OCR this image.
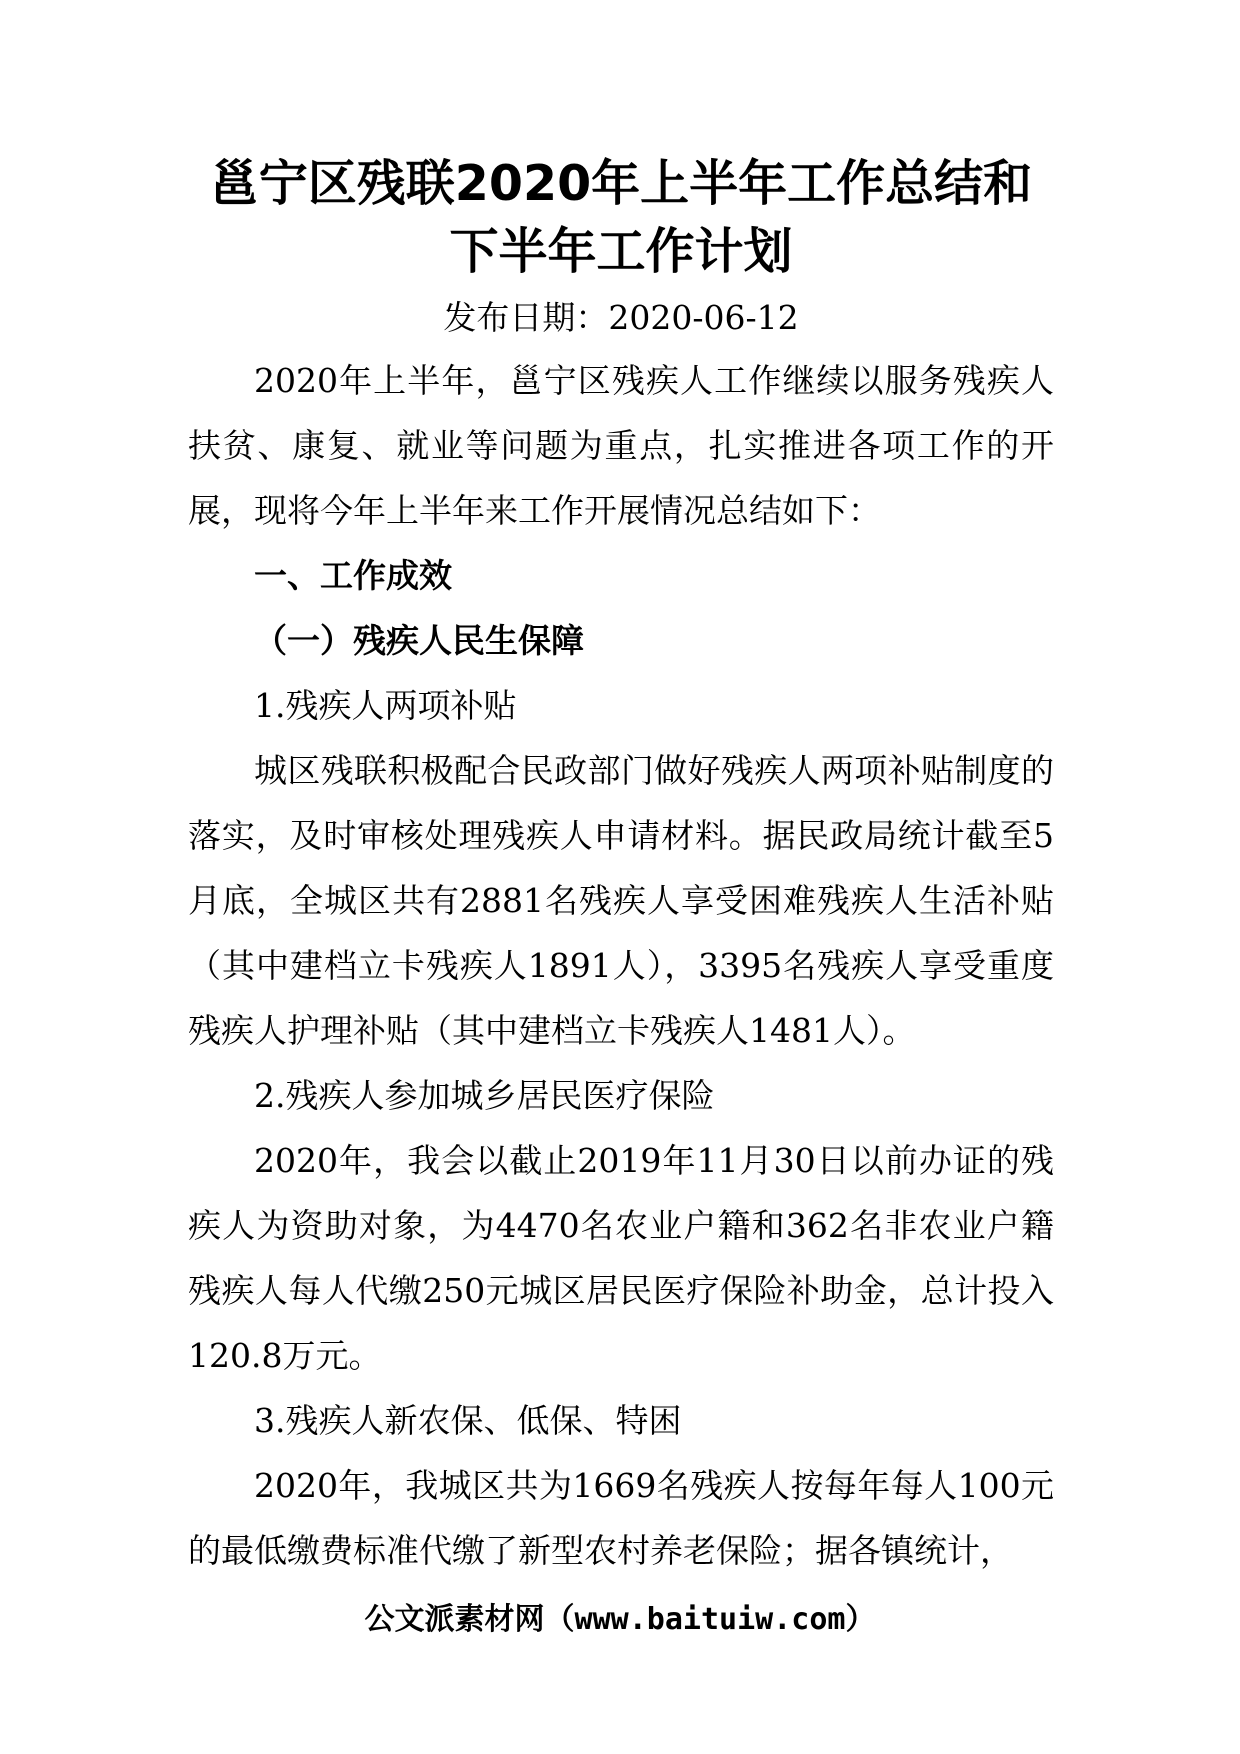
邕宁区残联2020年上半年工作总结和下半年工作计划
发布日期：2020-06-12

2020年上半年，邕宁区残疾人工作继续以服务残疾人扶贫、康复、就业等问题为重点，扎实推进各项工作的开展，现将今年上半年来工作开展情况总结如下：

一、工作成效
（一）残疾人民生保障

1.残疾人两项补贴

城区残联积极配合民政部门做好残疾人两项补贴制度的落实，及时审核处理残疾人申请材料。据民政局统计截至5月底，全城区共有2881名残疾人享受困难残疾人生活补贴（其中建档立卡残疾人1891人），3395名残疾人享受重度残疾人护理补贴（其中建档立卡残疾人1481人）。

2.残疾人参加城乡居民医疗保险

2020年，我会以截止2019年11月30日以前办证的残疾人为资助对象，为4470名农业户籍和362名非农业户籍残疾人每人代缴250元城区居民医疗保险补助金，总计投入120.8万元。

3.残疾人新农保、低保、特困

2020年，我城区共为1669名残疾人按每年每人100元的最低缴费标准代缴了新型农村养老保险；据各镇统计，

公文派素材网（www.baituiw.com）
